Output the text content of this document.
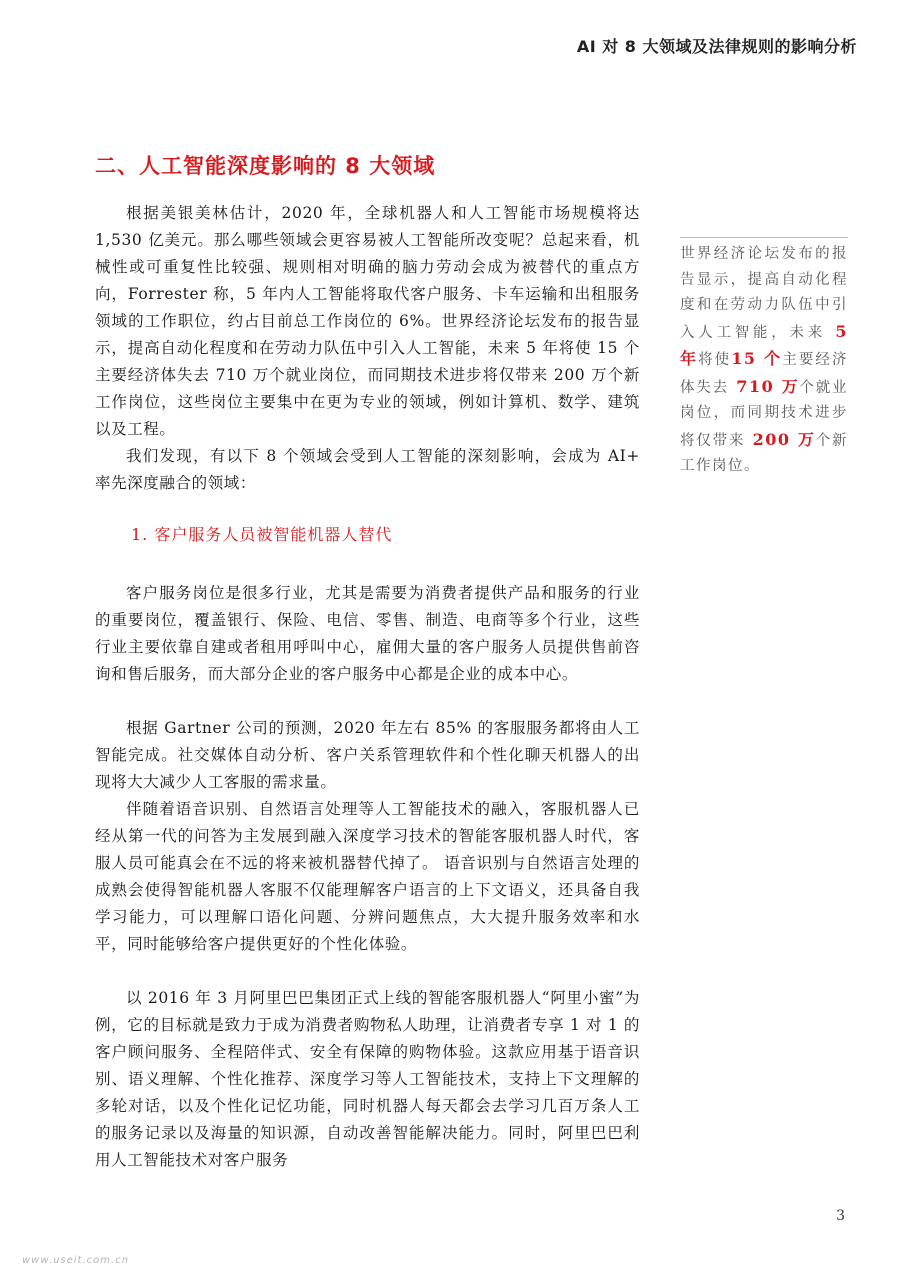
AI 对 8 大领域及法律规则的影响分析
二、人工智能深度影响的 8 大领域

根据美银美林估计，2020 年，全球机器人和人工智能市场规模将达 1,530 亿美元。那么哪些领域会更容易被人工智能所改变呢？总起来看，机械性或可重复性比较强、规则相对明确的脑力劳动会成为被替代的重点方向，Forrester 称，5 年内人工智能将取代客户服务、卡车运输和出租服务领域的工作职位，约占目前总工作岗位的 6%。世界经济论坛发布的报告显示，提高自动化程度和在劳动力队伍中引入人工智能，未来 5 年将使 15 个主要经济体失去 710 万个就业岗位，而同期技术进步将仅带来 200 万个新工作岗位，这些岗位主要集中在更为专业的领域，例如计算机、数学、建筑以及工程。

我们发现，有以下 8 个领域会受到人工智能的深刻影响，会成为 AI+ 率先深度融合的领域：

1. 客户服务人员被智能机器人替代

客户服务岗位是很多行业，尤其是需要为消费者提供产品和服务的行业的重要岗位，覆盖银行、保险、电信、零售、制造、电商等多个行业，这些行业主要依靠自建或者租用呼叫中心，雇佣大量的客户服务人员提供售前咨询和售后服务，而大部分企业的客户服务中心都是企业的成本中心。

根据 Gartner 公司的预测，2020 年左右 85% 的客服服务都将由人工智能完成。社交媒体自动分析、客户关系管理软件和个性化聊天机器人的出现将大大减少人工客服的需求量。

伴随着语音识别、自然语言处理等人工智能技术的融入，客服机器人已经从第一代的问答为主发展到融入深度学习技术的智能客服机器人时代，客服人员可能真会在不远的将来被机器替代掉了。 语音识别与自然语言处理的成熟会使得智能机器人客服不仅能理解客户语言的上下文语义，还具备自我学习能力，可以理解口语化问题、分辨问题焦点，大大提升服务效率和水平，同时能够给客户提供更好的个性化体验。

以 2016 年 3 月阿里巴巴集团正式上线的智能客服机器人“阿里小蜜”为例，它的目标就是致力于成为消费者购物私人助理，让消费者专享 1 对 1 的客户顾问服务、全程陪伴式、安全有保障的购物体验。这款应用基于语音识别、语义理解、个性化推荐、深度学习等人工智能技术，支持上下文理解的多轮对话，以及个性化记忆功能，同时机器人每天都会去学习几百万条人工的服务记录以及海量的知识源，自动改善智能解决能力。同时，阿里巴巴利用人工智能技术对客户服务

世界经济论坛发布的报告显示，提高自动化程度和在劳动力队伍中引入人工智能，未来 5 年将使15 个主要经济体失去 710 万个就业岗位，而同期技术进步将仅带来 200 万个新工作岗位。
3
www.useit.com.cn
